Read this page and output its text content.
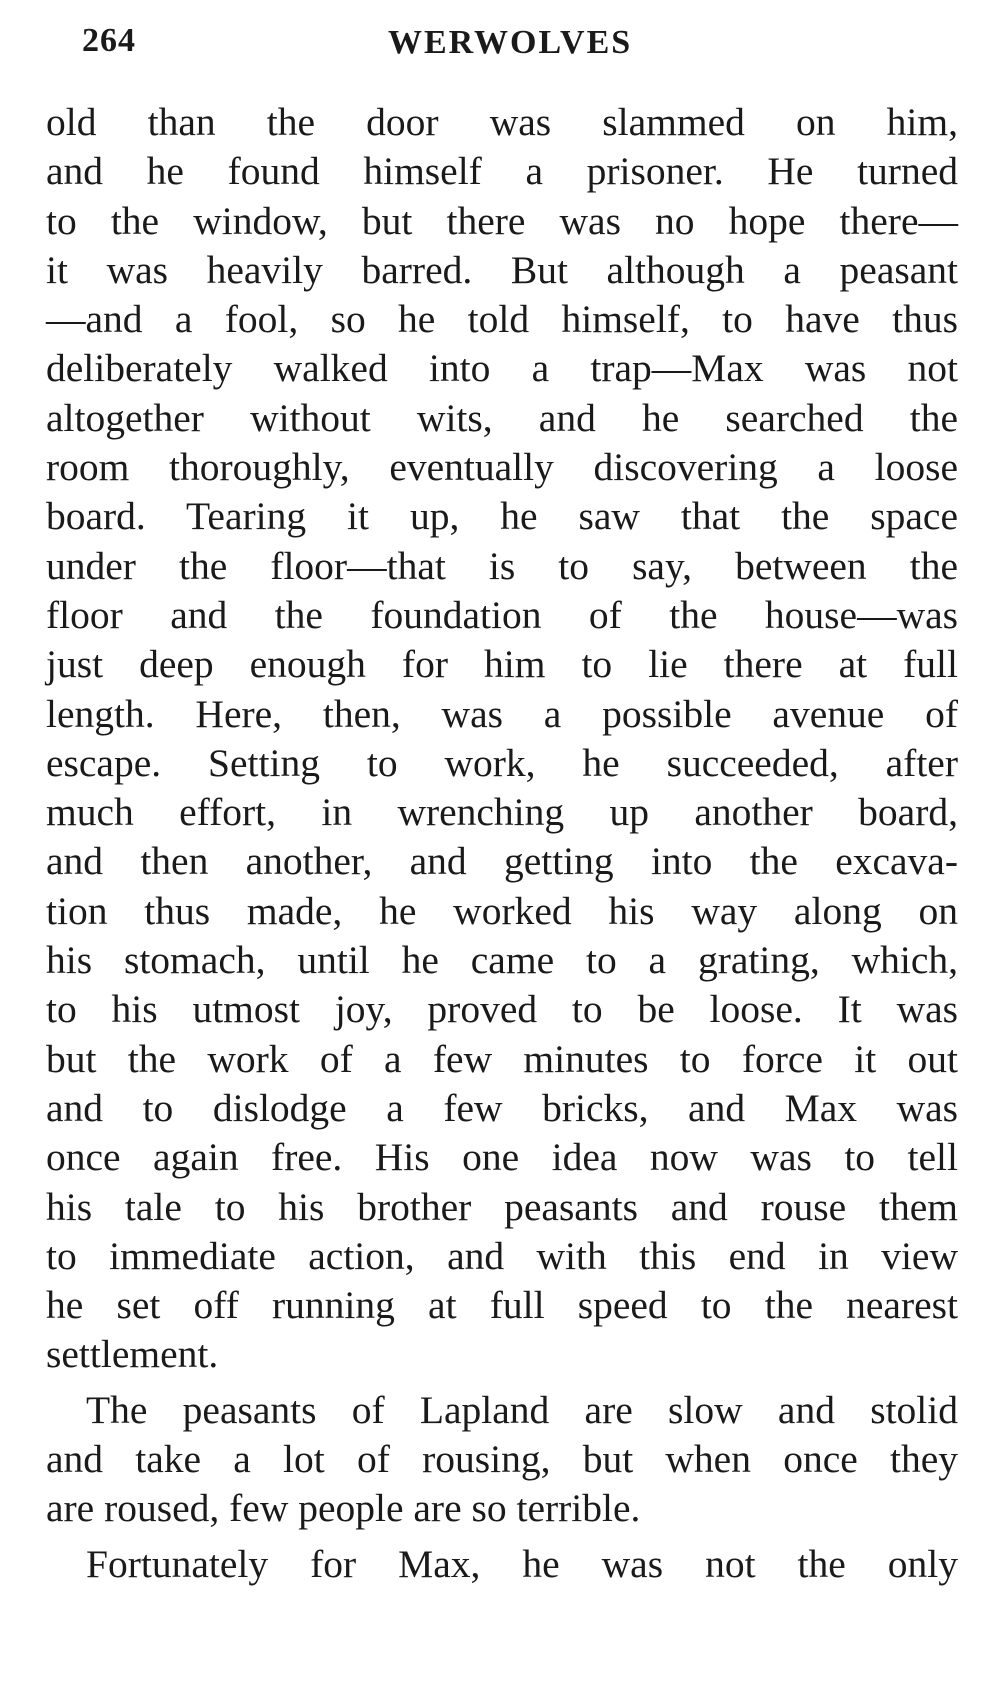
264	WERWOLVES
old than the door was slammed on him,
and he found himself a prisoner. He turned
to the window, but there was no hope there—
it was heavily barred. But although a peasant
—and a fool, so he told himself, to have thus
deliberately walked into a trap—Max was not
altogether without wits, and he searched the
room thoroughly, eventually discovering a loose
board. Tearing it up, he saw that the space
under the floor—that is to say, between the
floor and the foundation of the house—was
just deep enough for him to lie there at full
length. Here, then, was a possible avenue of
escape. Setting to work, he succeeded, after
much effort, in wrenching up another board,
and then another, and getting into the excava-
tion thus made, he worked his way along on
his stomach, until he came to a grating, which,
to his utmost joy, proved to be loose. It was
but the work of a few minutes to force it out
and to dislodge a few bricks, and Max was
once again free. His one idea now was to tell
his tale to his brother peasants and rouse them
to immediate action, and with this end in view
he set off running at full speed to the nearest
settlement.
The peasants of Lapland are slow and stolid
and take a lot of rousing, but when once they
are roused, few people are so terrible.
Fortunately for Max, he was not the only
